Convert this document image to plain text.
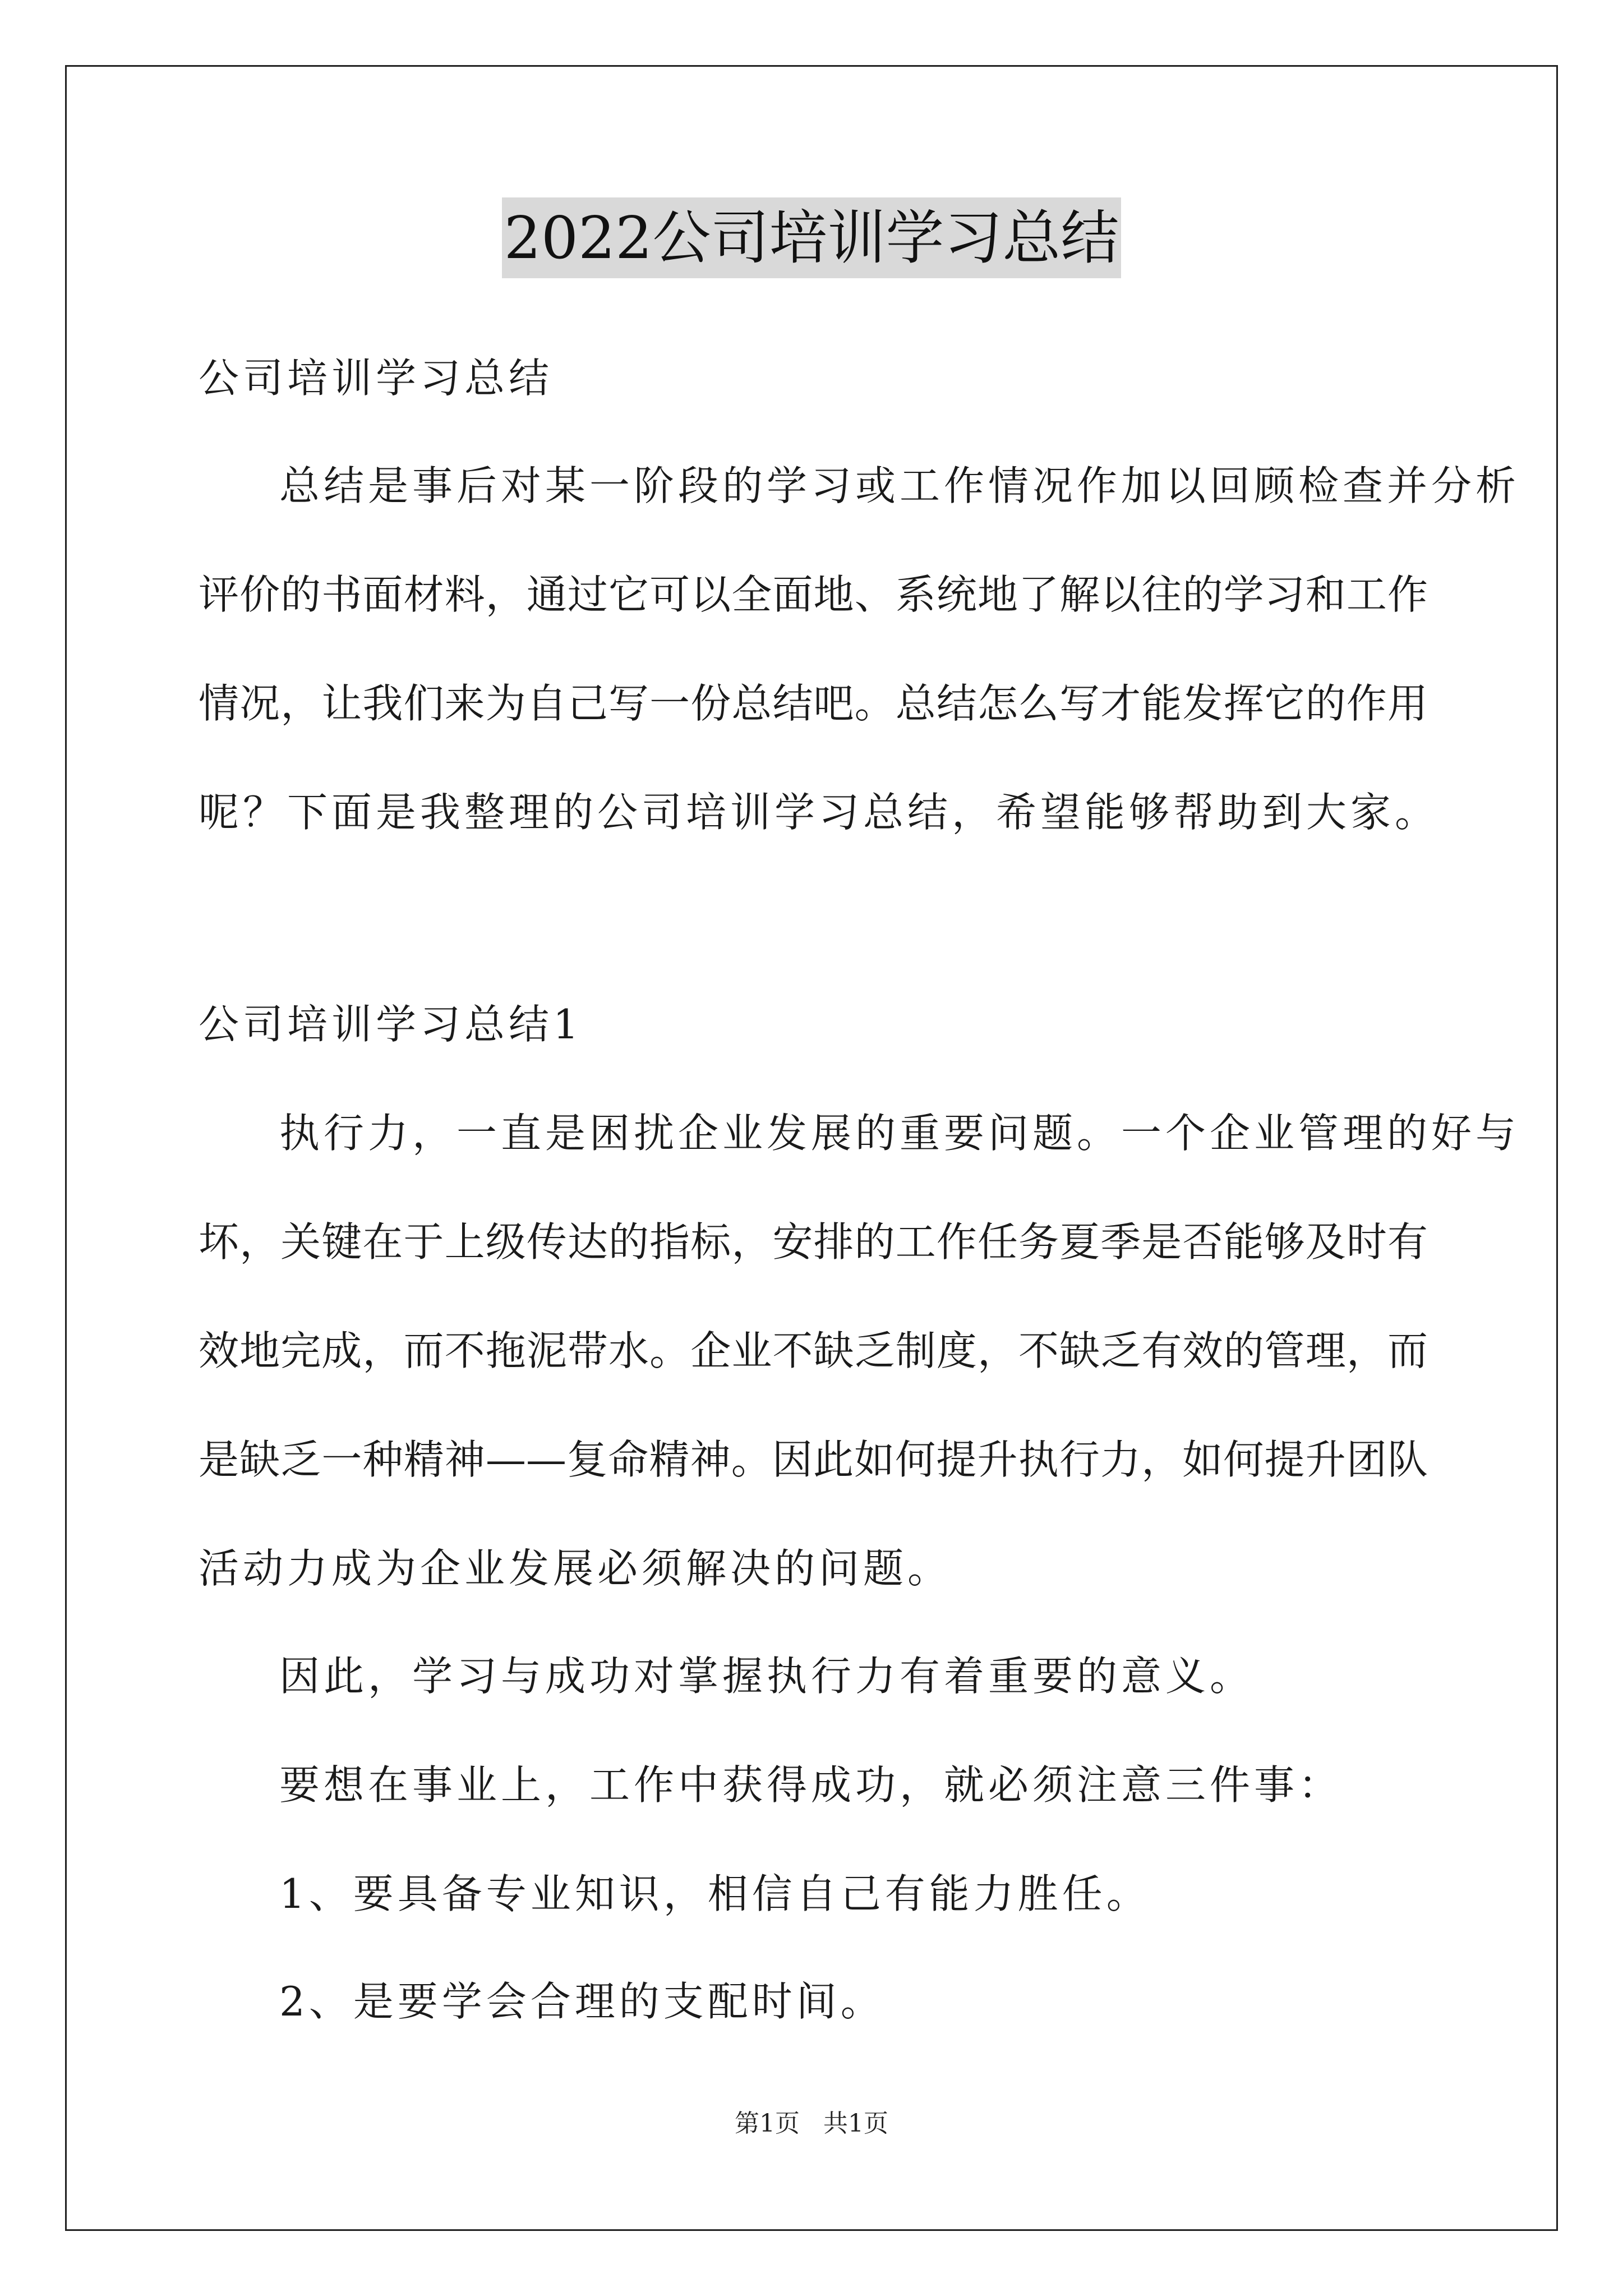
2022公司培训学习总结
公司培训学习总结
总结是事后对某一阶段的学习或工作情况作加以回顾检查并分析
评价的书面材料，通过它可以全面地、系统地了解以往的学习和工作
情况，让我们来为自己写一份总结吧。总结怎么写才能发挥它的作用
呢？下面是我整理的公司培训学习总结，希望能够帮助到大家。
公司培训学习总结1
执行力，一直是困扰企业发展的重要问题。一个企业管理的好与
坏，关键在于上级传达的指标，安排的工作任务夏季是否能够及时有
效地完成，而不拖泥带水。企业不缺乏制度，不缺乏有效的管理，而
是缺乏一种精神——复命精神。因此如何提升执行力，如何提升团队
活动力成为企业发展必须解决的问题。
因此，学习与成功对掌握执行力有着重要的意义。
要想在事业上，工作中获得成功，就必须注意三件事：
1、要具备专业知识，相信自己有能力胜任。
2、是要学会合理的支配时间。
第1页   共1页
